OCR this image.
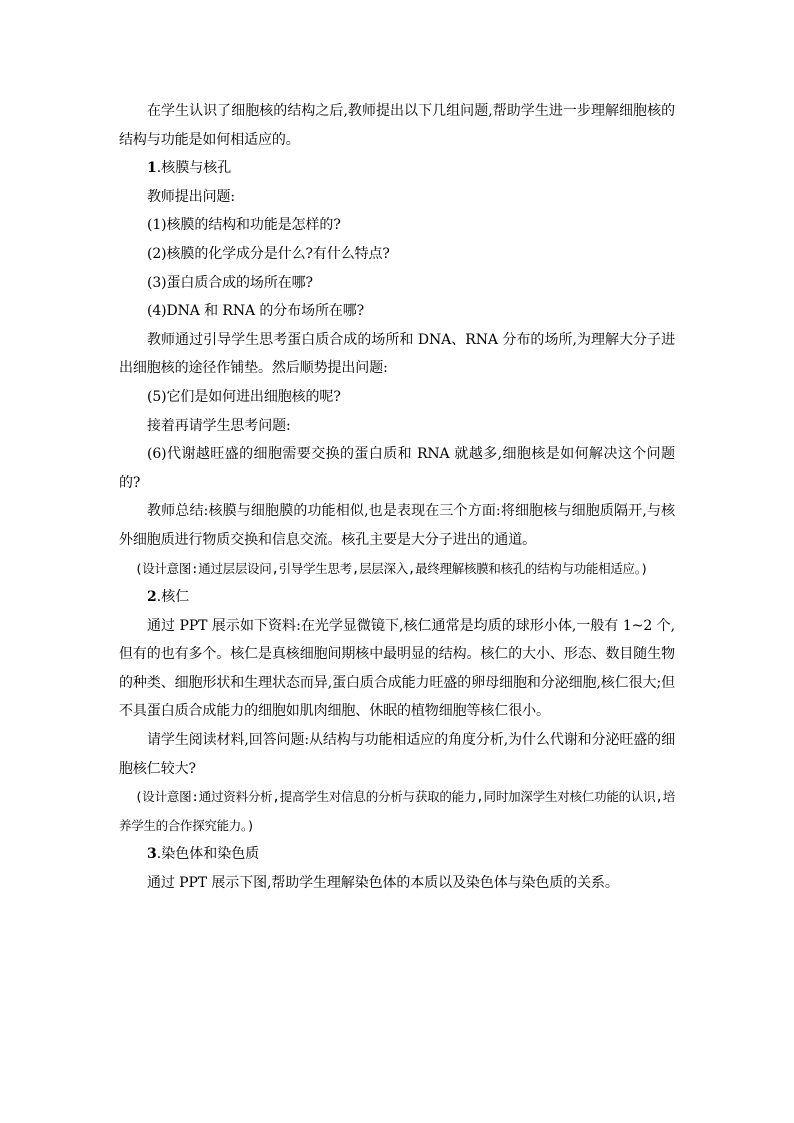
在学生认识了细胞核的结构之后,教师提出以下几组问题,帮助学生进一步理解细胞核的结构与功能是如何相适应的。

1.核膜与核孔

教师提出问题:

(1)核膜的结构和功能是怎样的?

(2)核膜的化学成分是什么?有什么特点?

(3)蛋白质合成的场所在哪?

(4)DNA 和 RNA 的分布场所在哪?

教师通过引导学生思考蛋白质合成的场所和 DNA、RNA 分布的场所,为理解大分子进出细胞核的途径作铺垫。然后顺势提出问题:

(5)它们是如何进出细胞核的呢?

接着再请学生思考问题:

(6)代谢越旺盛的细胞需要交换的蛋白质和 RNA 就越多,细胞核是如何解决这个问题的?

教师总结:核膜与细胞膜的功能相似,也是表现在三个方面:将细胞核与细胞质隔开,与核外细胞质进行物质交换和信息交流。核孔主要是大分子进出的通道。

(设计意图:通过层层设问,引导学生思考,层层深入,最终理解核膜和核孔的结构与功能相适应。)

2.核仁

通过 PPT 展示如下资料:在光学显微镜下,核仁通常是均质的球形小体,一般有 1~2 个,但有的也有多个。核仁是真核细胞间期核中最明显的结构。核仁的大小、形态、数目随生物的种类、细胞形状和生理状态而异,蛋白质合成能力旺盛的卵母细胞和分泌细胞,核仁很大;但不具蛋白质合成能力的细胞如肌肉细胞、休眠的植物细胞等核仁很小。

请学生阅读材料,回答问题:从结构与功能相适应的角度分析,为什么代谢和分泌旺盛的细胞核仁较大?

(设计意图:通过资料分析,提高学生对信息的分析与获取的能力,同时加深学生对核仁功能的认识,培养学生的合作探究能力。)

3.染色体和染色质

通过 PPT 展示下图,帮助学生理解染色体的本质以及染色体与染色质的关系。
